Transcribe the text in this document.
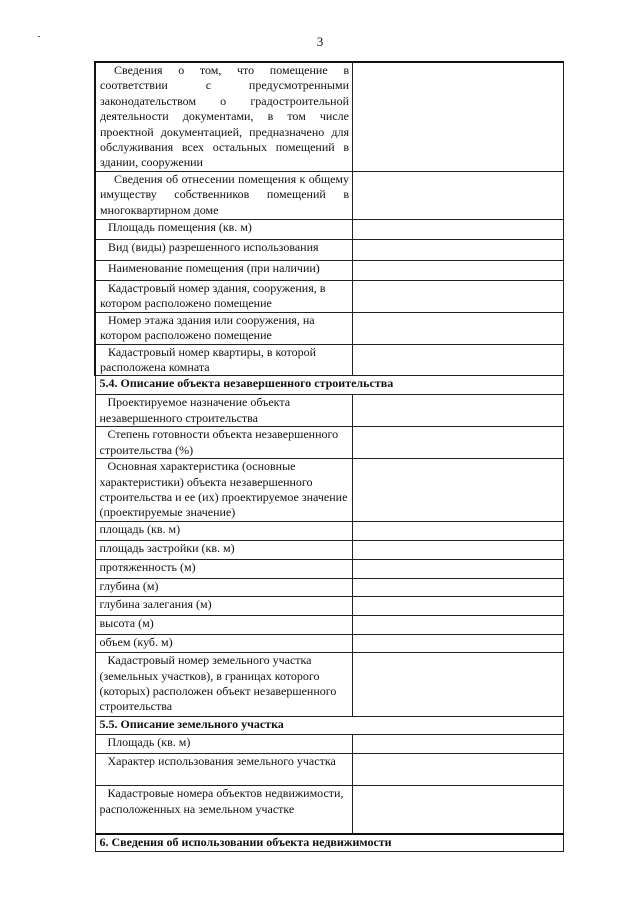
3
Сведения о том, что помещение в соответствии с предусмотренными законодательством о градостроительной деятельности документами, в том числе проектной документацией, предназначено для обслуживания всех остальных помещений в здании, сооружении	
Сведения об отнесении помещения к общему имуществу собственников помещений в многоквартирном доме	
Площадь помещения (кв. м)	
Вид (виды) разрешенного использования	
Наименование помещения (при наличии)	
Кадастровый номер здания, сооружения, в котором расположено помещение	
Номер этажа здания или сооружения, на котором расположено помещение	
Кадастровый номер квартиры, в которой расположена комната	
5.4. Описание объекта незавершенного строительства	
Проектируемое назначение объекта незавершенного строительства	
Степень готовности объекта незавершенного строительства (%)	
Основная характеристика (основные характеристики) объекта незавершенного строительства и ее (их) проектируемое значение (проектируемые значение)	
площадь (кв. м)	
площадь застройки (кв. м)	
протяженность (м)	
глубина (м)	
глубина залегания (м)	
высота (м)	
объем (куб. м)	
Кадастровый номер земельного участка (земельных участков), в границах которого (которых) расположен объект незавершенного строительства	
5.5. Описание земельного участка	
Площадь (кв. м)	
Характер использования земельного участка	
Кадастровые номера объектов недвижимости, расположенных на земельном участке	
6. Сведения об использовании объекта недвижимости	
